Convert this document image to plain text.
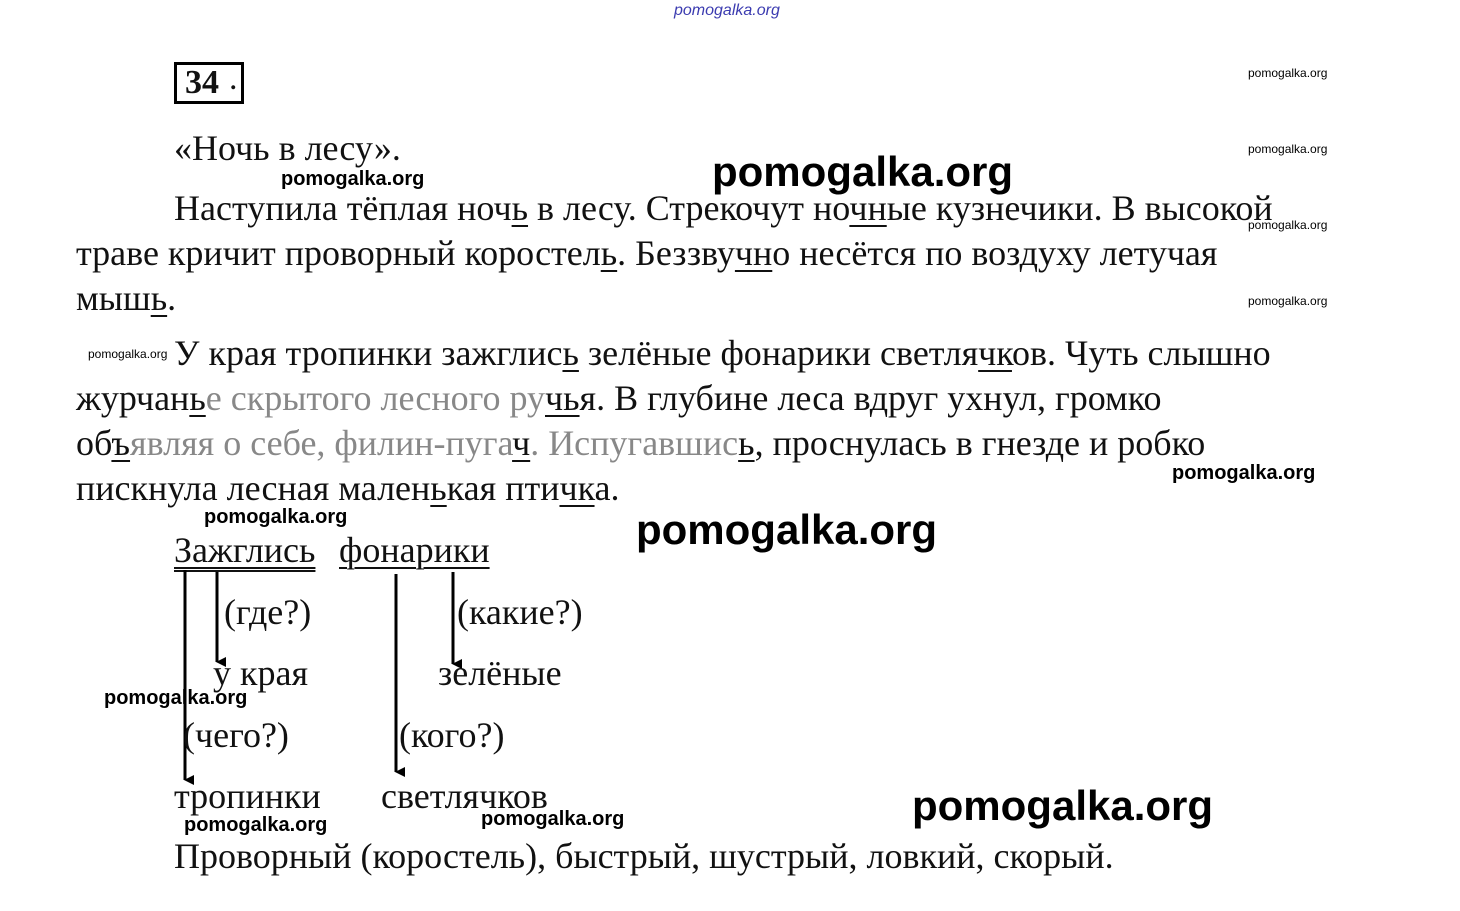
pomogalka.org
34 .	pomogalka.org
pomogalka.org
pomogalka.org
pomogalka.org
«Ночь в лесу».	pomogalka.org
pomogalka.org
Наступила тёплая ночь в лесу. Стрекочут ночные кузнечики. В высокой
траве кричит проворный коростель. Беззвучно несётся по воздуху летучая
мышь.
pomogalka.org У края тропинки зажглись зелёные фонарики светлячков. Чуть слышно
журчанье скрытого лесного ручья. В глубине леса вдруг ухнул, громко
объявляя о себе, филин-пугач. Испугавшись, проснулась в гнезде и робко
пискнула лесная маленькая птичка.	pomogalka.org
pomogalka.org	pomogalka.org
Зажглись фонарики
(где?)	(какие?)
у края	зелёные
pomogalka.org
(чего?)	(кого?)
тропинки светлячков	pomogalka.org
pomogalka.org	pomogalka.org
Проворный (коростель), быстрый, шустрый, ловкий, скорый.
